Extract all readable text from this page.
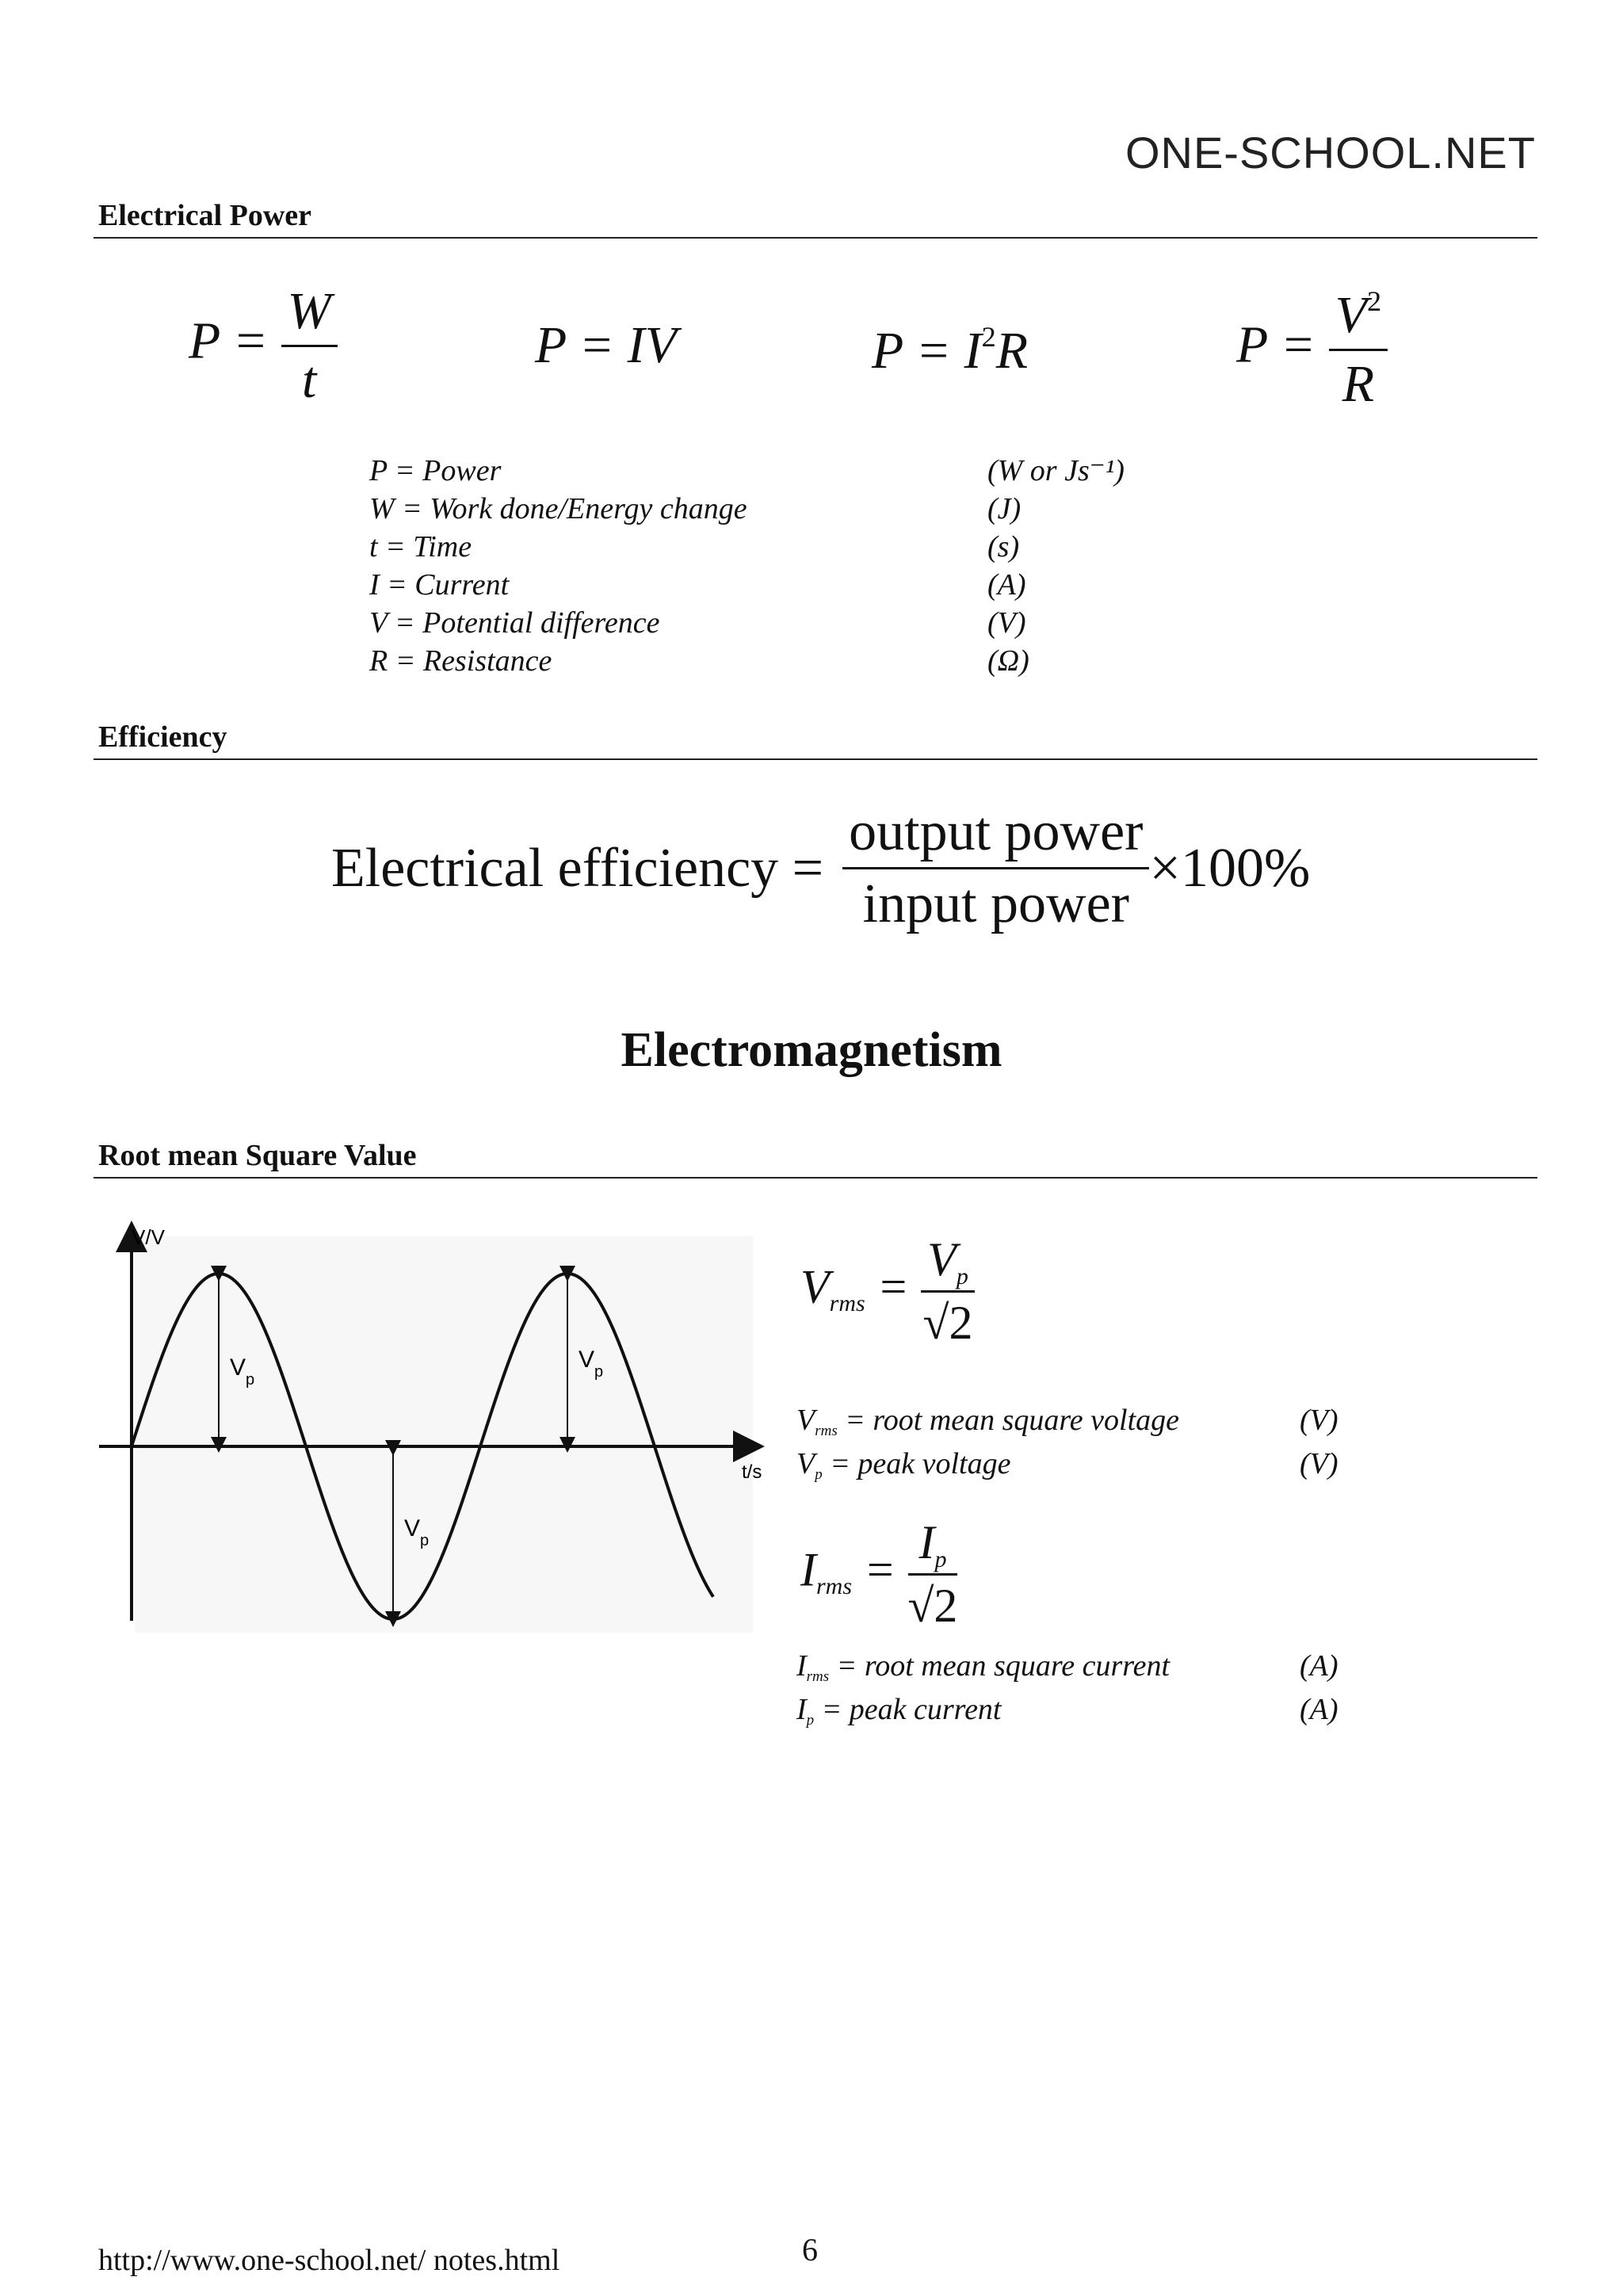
ONE-SCHOOL.NET
Electrical Power
$P = \frac{W}{t}$	P = IV	$P = I^2R$	$P = \frac{V^2}{R}$
P = Power	(W or Js⁻¹)
W = Work done/Energy change	(J)
t = Time	(s)
I = Current	(A)
V = Potential difference	(V)
R = Resistance	(Ω)
Efficiency
Electrical efficiency = $\frac{\text{output power}}{\text{input power}} \times 100\%$
Electromagnetism
Root mean Square Value
V/V
t/s
$V_p$
$V_p$
$V_p$
Vrms = $\frac{Vp}{√2}$
Vrms = root mean square voltage	(V)
Vp = peak voltage	(V)
Irms = $\frac{Ip}{√2}$
Irms = root mean square current	(A)
Ip = peak current	(A)
http://www.one-school.net/ notes.html	6
